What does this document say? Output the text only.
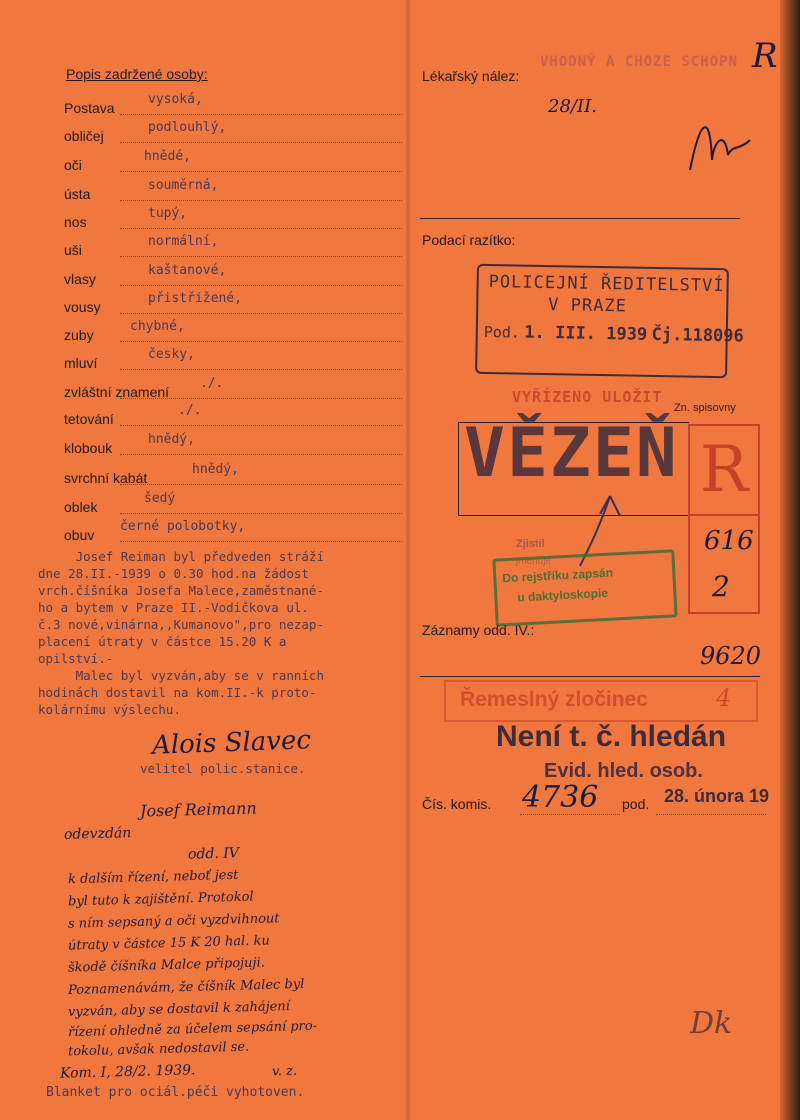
Popis zadržené osoby:
Postava
vysoká,
obličej
podlouhlý,
oči
hnědé,
ústa
souměrná,
nos
tupý,
uši
normální,
vlasy
kaštanové,
vousy
přistřižené,
zuby
chybné,
mluví
česky,
zvláštní znamení
./.
tetování
./.
klobouk
hnědý,
svrchní kabát
hnědý,
oblek
šedý
obuv
černé polobotky,
Josef Reiman byl předveden stráží
dne 28.II.-1939 o 0.30 hod.na žádost
vrch.číšníka Josefa Malece,zaměstnané-
ho a bytem v Praze II.-Vodičkova ul.
č.3 nové,vinárna,,Kumanovo",pro nezap-
placení útraty v částce 15.20 K a
opilství.-
Malec byl vyzván,aby se v ranních
hodinách dostavil na kom.II.-k proto-
kolárnímu výslechu.
Alois Slavec
velitel polic.stanice.
Josef Reimann
odevzdán
odd. IV
k dalším řízení, neboť jest
byl tuto k zajištění. Protokol
s ním sepsaný a oči vyzdvihnout
útraty v částce 15 K 20 hal. ku
škodě číšníka Malce připojuji.
Poznamenávám, že číšník Malec byl
vyzván, aby se dostavil k zahájení
řízení ohledně za účelem sepsání pro-
tokolu, avšak nedostavil se.
Kom. I, 28/2. 1939.	v. z.
Blanket pro ociál.péči vyhotoven.
Lékařský nález:
VHODNÝ A CHOZE SCHOPN
28/II.
Podací razítko:
POLICEJNÍ ŘEDITELSTVÍ
V PRAZE
Pod. 1. III. 1939 Čj.118096
VYŘÍZENO ULOŽIT
Zn. spisovny
VĚZEŇ R
616
2
Zjistil
jmenuje
Do rejstříku zapsán
u daktyloskopie
Záznamy odd. IV.:
9620
Řemeslný zločinec	4
Není t. č. hledán
Evid. hled. osob.
Čís. komis. 4736 pod. 28. února 19
R
Dk
